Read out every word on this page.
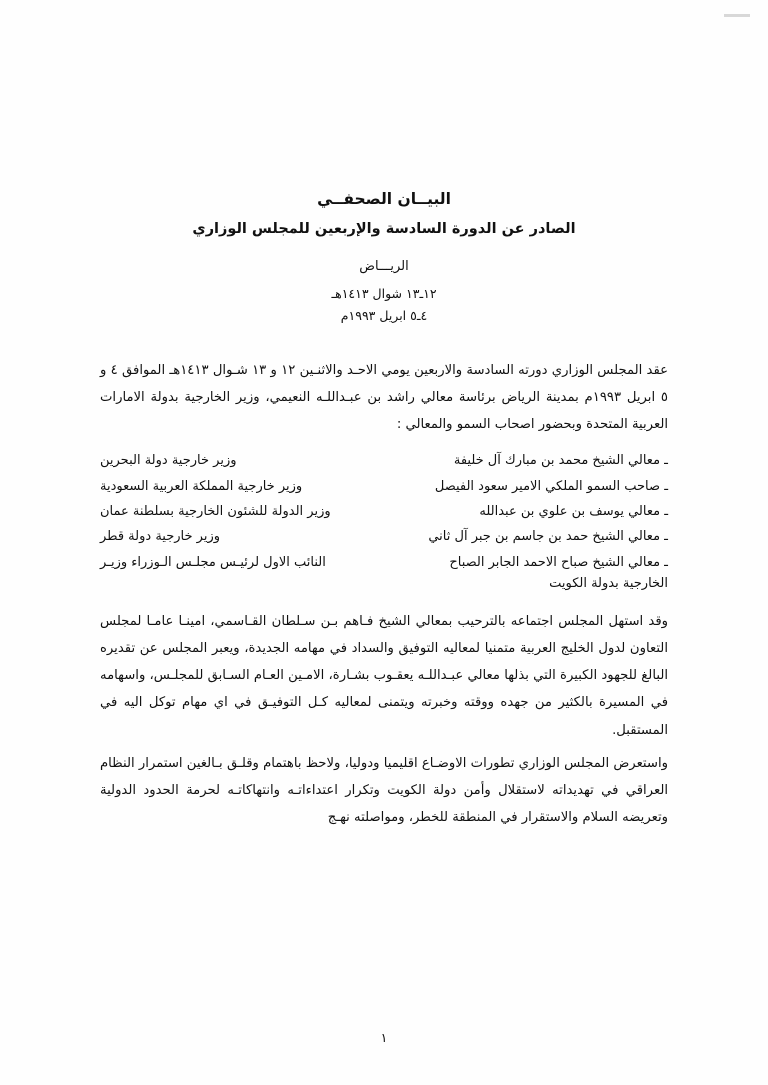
البيــان الصحفــي
الصادر عن الدورة السادسة والإربعين للمجلس الوزاري
الريـــاض
١٢ـ١٣ شوال ١٤١٣هـ
٤ـ٥ ابريل ١٩٩٣م

عقد المجلس الوزاري دورته السادسة والاربعين يومي الاحـد والاثنـين ١٢ و ١٣ شـوال ١٤١٣هـ الموافق ٤ و ٥ ابريل ١٩٩٣م بمدينة الرياض برئاسة معالي راشد بن عبـداللـه النعيمي، وزير الخارجية بدولة الامارات العربية المتحدة وبحضور اصحاب السمو والمعالي :

ـ معالي الشيخ محمد بن مبارك آل خليفة
وزير خارجية دولة البحرين
ـ صاحب السمو الملكي الامير سعود الفيصل
وزير خارجية المملكة العربية السعودية
ـ معالي يوسف بن علوي بن عبدالله
وزير الدولة للشئون الخارجية بسلطنة عمان
ـ معالي الشيخ حمد بن جاسم بن جبر آل ثاني
وزير خارجية دولة قطر
ـ معالي الشيخ صباح الاحمد الجابر الصباح
النائب الاول لرئيـس مجلـس الـوزراء وزيـر
الخارجية بدولة الكويت

وقد استهل المجلس اجتماعه بالترحيب بمعالي الشيخ فـاهم بـن سـلطان القـاسمي، امينـا عامـا لمجلس التعاون لدول الخليج العربية متمنيا لمعاليه التوفيق والسداد في مهامه الجديدة، ويعبر المجلس عن تقديره البالغ للجهود الكبيرة التي بذلها معالي عبـداللـه يعقـوب بشـارة، الامـين العـام السـابق للمجلـس، واسهامه في المسيرة بالكثير من جهده ووقته وخبرته ويتمنى لمعاليه كـل التوفيـق في اي مهام توكل اليه في المستقبل.

واستعرض المجلس الوزاري تطورات الاوضـاع اقليميا ودوليا، ولاحظ باهتمام وقلـق بـالغين استمرار النظام العراقي في تهديداته لاستقلال وأمن دولة الكويت وتكرار اعتداءاتـه وانتهاكاتـه لحرمة الحدود الدولية وتعريضه السلام والاستقرار في المنطقة للخطر، ومواصلته نهـج

١
